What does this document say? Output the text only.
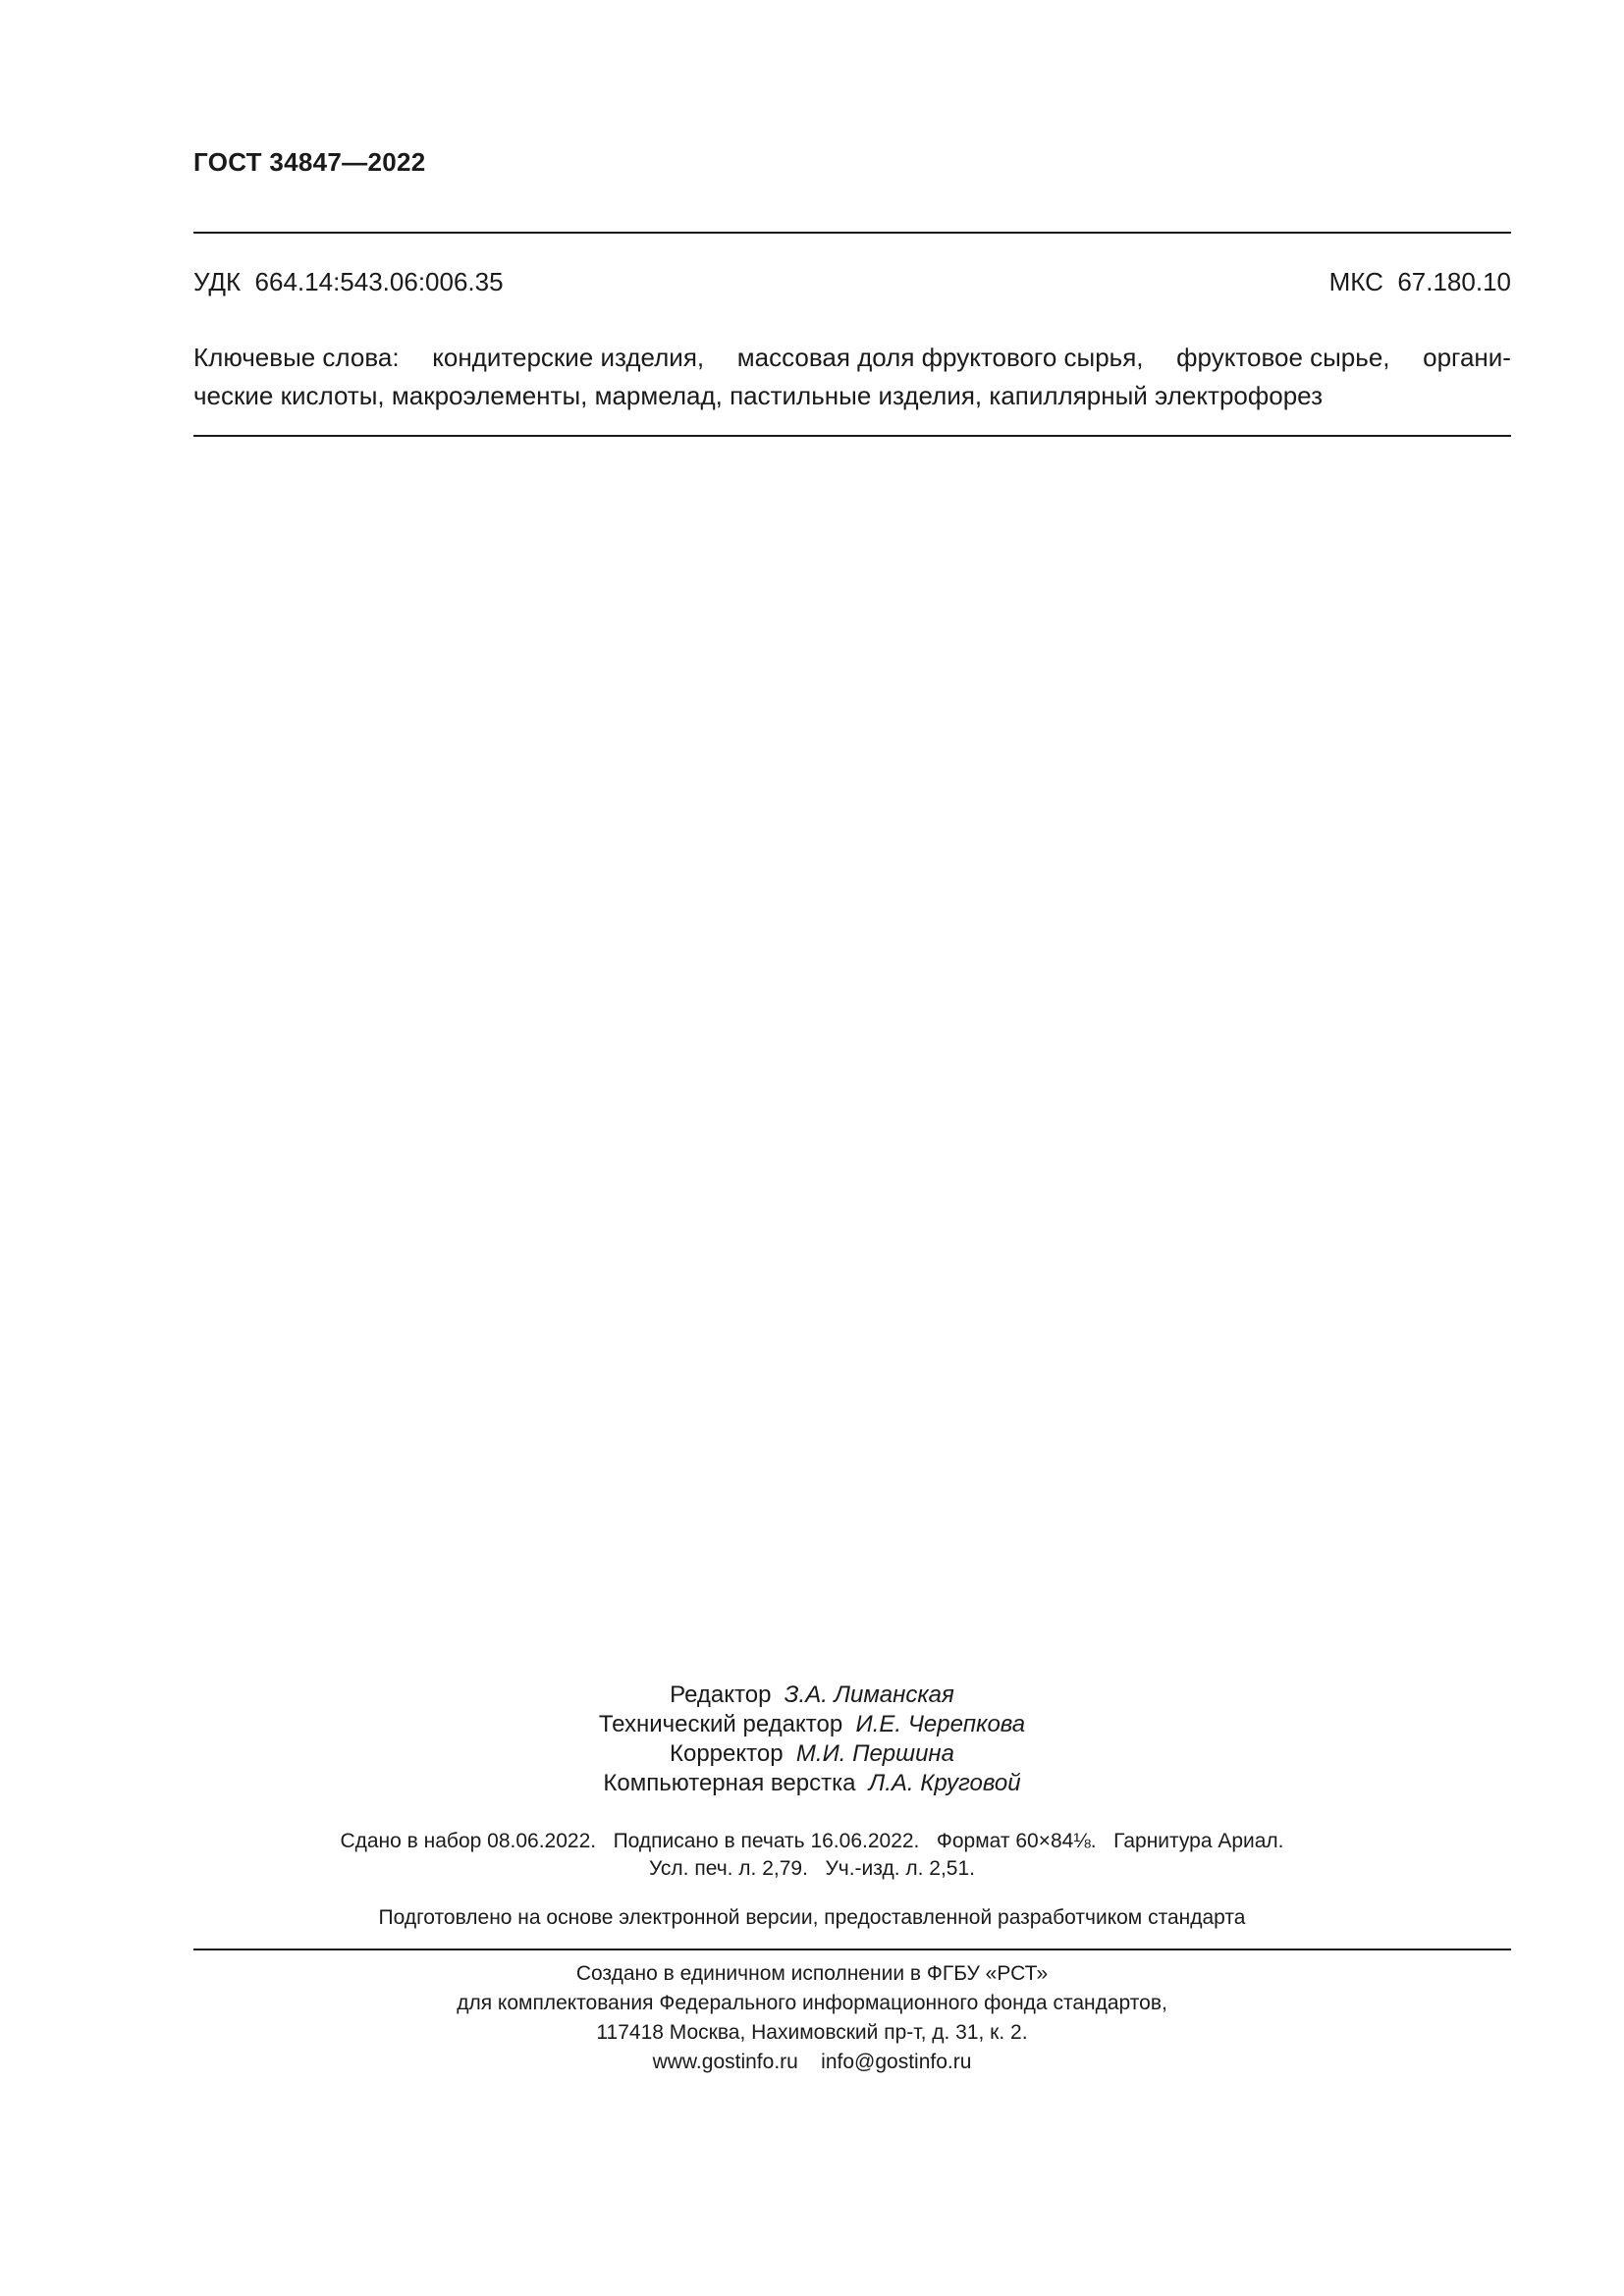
ГОСТ 34847—2022
УДК  664.14:543.06:006.35	МКС  67.180.10
Ключевые слова: кондитерские изделия, массовая доля фруктового сырья, фруктовое сырье, органи-
ческие кислоты, макроэлементы, мармелад, пастильные изделия, капиллярный электрофорез
Редактор З.А. Лиманская
Технический редактор И.Е. Черепкова
Корректор М.И. Першина
Компьютерная верстка Л.А. Круговой
Сдано в набор 08.06.2022.   Подписано в печать 16.06.2022.   Формат 60×84⅛.   Гарнитура Ариал.
Усл. печ. л. 2,79.   Уч.-изд. л. 2,51.
Подготовлено на основе электронной версии, предоставленной разработчиком стандарта
Создано в единичном исполнении в ФГБУ «РСТ»
для комплектования Федерального информационного фонда стандартов,
117418 Москва, Нахимовский пр-т, д. 31, к. 2.
www.gostinfo.ru    info@gostinfo.ru
